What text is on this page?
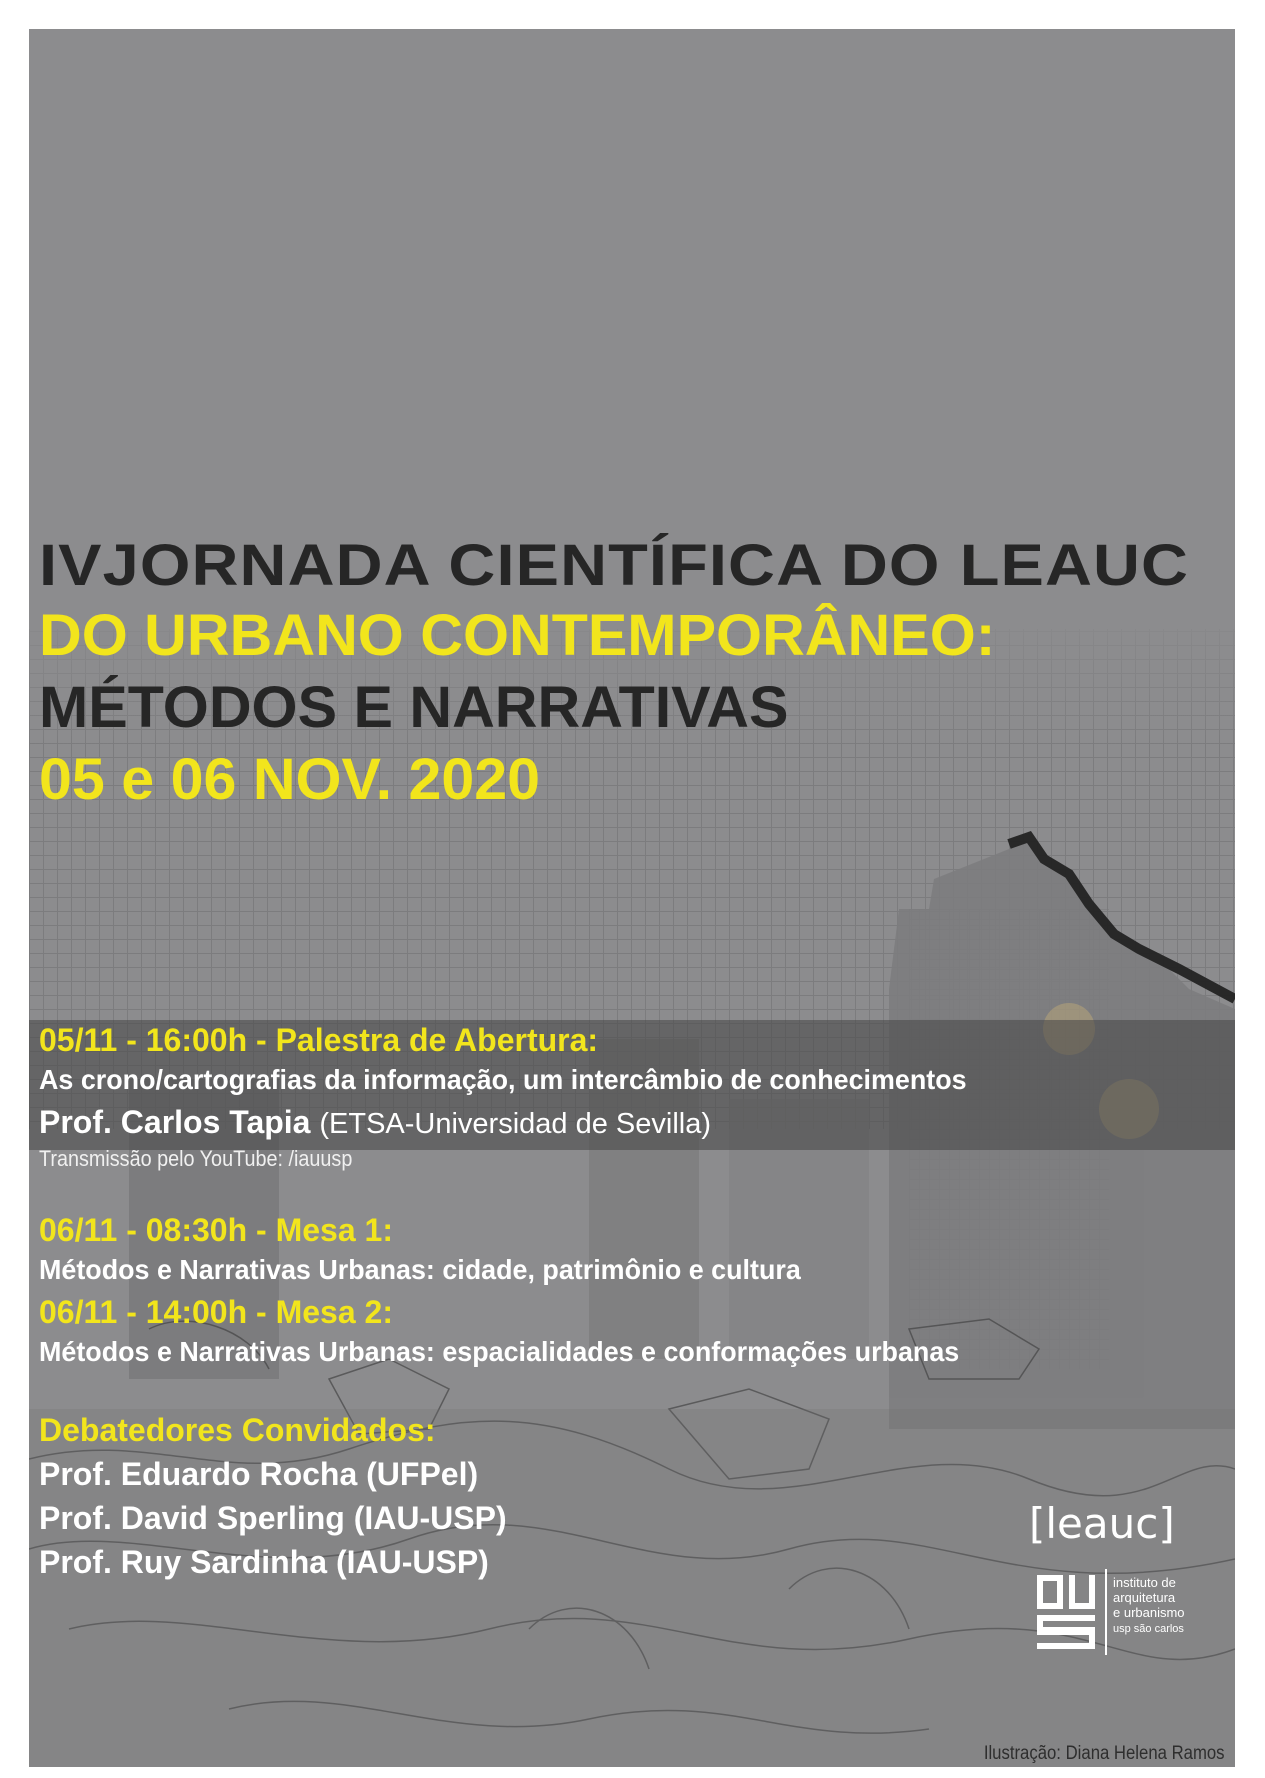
IVJORNADA CIENTÍFICA DO LEAUC
DO URBANO CONTEMPORÂNEO:
MÉTODOS E NARRATIVAS
05 e 06 NOV. 2020
05/11 - 16:00h - Palestra de Abertura:
As crono/cartografias da informação, um intercâmbio de conhecimentos
Prof. Carlos Tapia (ETSA-Universidad de Sevilla)
Transmissão pelo YouTube: /iauusp
06/11 - 08:30h - Mesa 1:
Métodos e Narrativas Urbanas: cidade, patrimônio e cultura
06/11 - 14:00h - Mesa 2:
Métodos e Narrativas Urbanas: espacialidades e conformações urbanas
Debatedores Convidados:
Prof. Eduardo Rocha (UFPel)
Prof. David Sperling (IAU-USP)
Prof. Ruy Sardinha (IAU-USP)
[leauc]
instituto de
arquitetura
e urbanismo
usp são carlos
Ilustração: Diana Helena Ramos
